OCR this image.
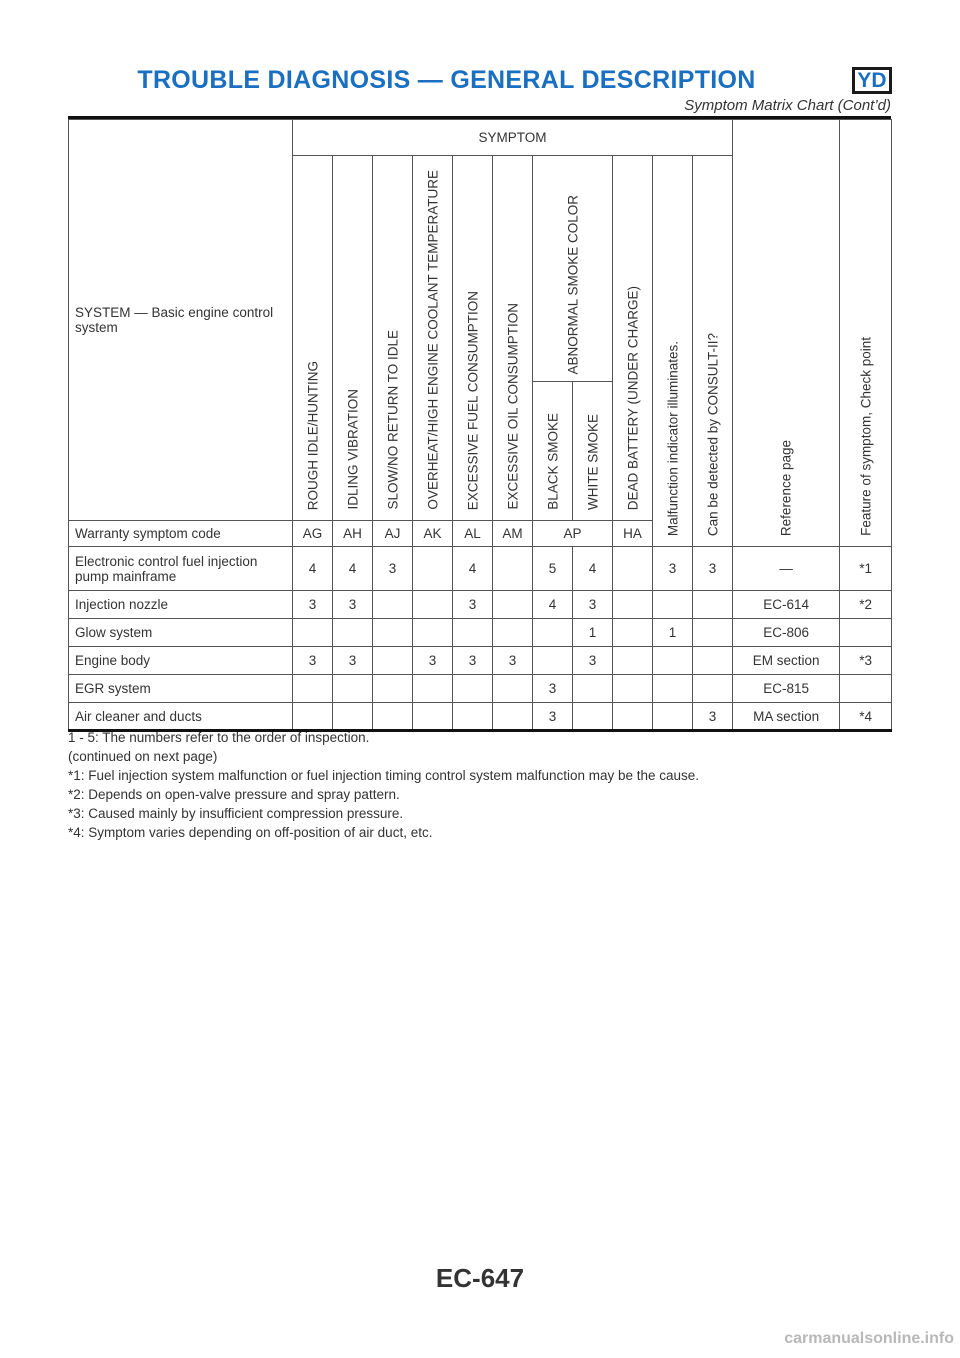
TROUBLE DIAGNOSIS — GENERAL DESCRIPTION	YD
Symptom Matrix Chart (Cont’d)
SYSTEM — Basic engine control system	SYMPTOM											Reference page	Feature of symptom, Check point

	ROUGH IDLE/HUNTING	IDLING VIBRATION	SLOW/NO RETURN TO IDLE	OVERHEAT/HIGH ENGINE COOLANT TEMPERATURE	EXCESSIVE FUEL CONSUMPTION	EXCESSIVE OIL CONSUMPTION	ABNORMAL SMOKE COLOR		DEAD BATTERY (UNDER CHARGE)	Malfunction indicator illuminates.	Can be detected by CONSULT-II?		

							BLACK SMOKE	WHITE SMOKE					

Warranty symptom code	AG	AH	AJ	AK	AL	AM	AP		HA				
Electronic control fuel injection pump mainframe	4	4	3		4		5	4		3	3	—	*1
Injection nozzle	3	3			3		4	3				EC-614	*2
Glow system								1		1		EC-806	
Engine body	3	3		3	3	3		3				EM section	*3
EGR system							3					EC-815	
Air cleaner and ducts							3				3	MA section	*4
1 - 5: The numbers refer to the order of inspection.
(continued on next page)
*1: Fuel injection system malfunction or fuel injection timing control system malfunction may be the cause.
*2: Depends on open-valve pressure and spray pattern.
*3: Caused mainly by insufficient compression pressure.
*4: Symptom varies depending on off-position of air duct, etc.
EC-647
carmanualsonline.info
